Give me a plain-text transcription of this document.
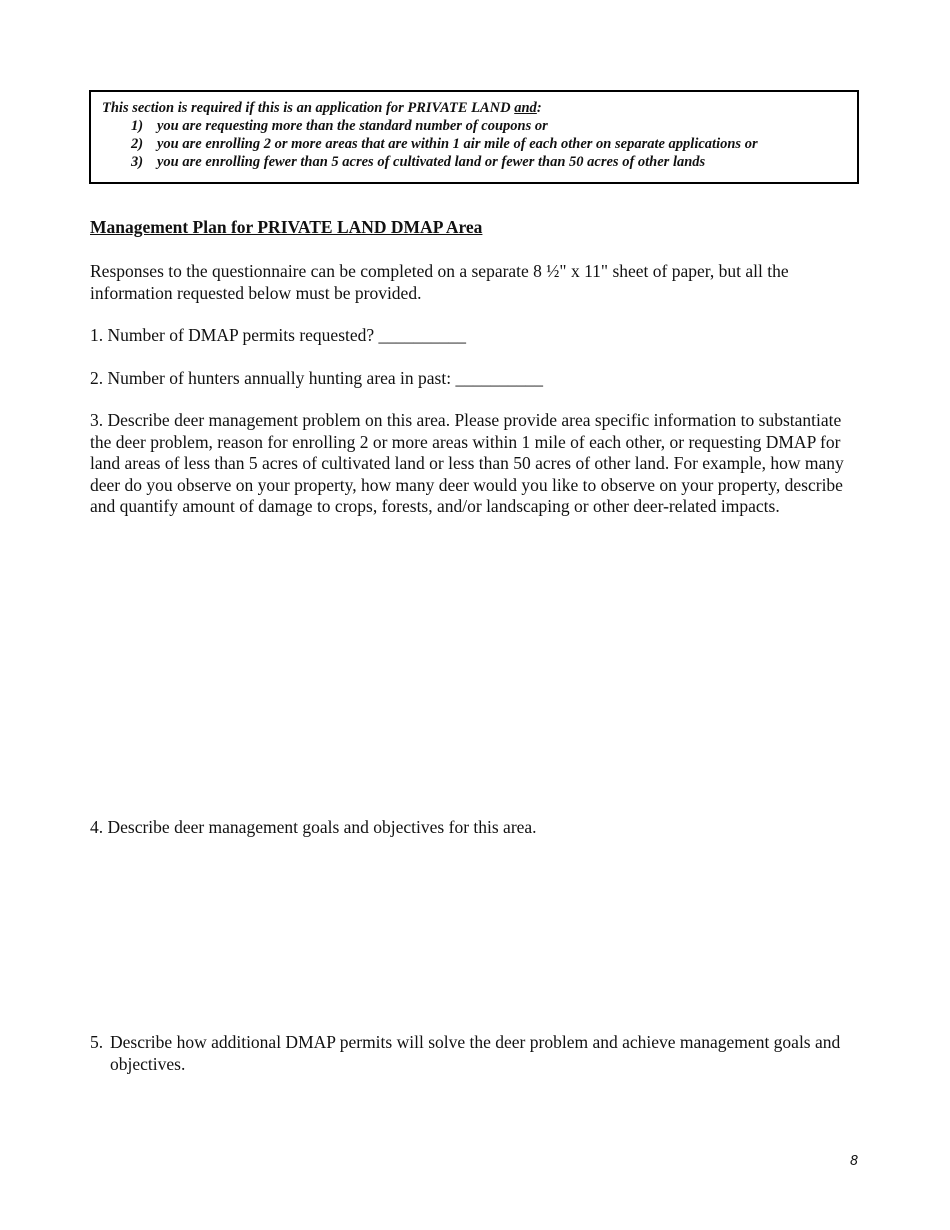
This section is required if this is an application for PRIVATE LAND and:
1) you are requesting more than the standard number of coupons or
2) you are enrolling 2 or more areas that are within 1 air mile of each other on separate applications or
3) you are enrolling fewer than 5 acres of cultivated land or fewer than 50 acres of other lands
Management Plan for PRIVATE LAND DMAP Area

Responses to the questionnaire can be completed on a separate 8 ½" x 11" sheet of paper, but all the information requested below must be provided.

1. Number of DMAP permits requested? __________

2. Number of hunters annually hunting area in past: __________

3. Describe deer management problem on this area. Please provide area specific information to substantiate the deer problem, reason for enrolling 2 or more areas within 1 mile of each other, or requesting DMAP for land areas of less than 5 acres of cultivated land or less than 50 acres of other land. For example, how many deer do you observe on your property, how many deer would you like to observe on your property, describe and quantify amount of damage to crops, forests, and/or landscaping or other deer-related impacts.

4. Describe deer management goals and objectives for this area.

5. Describe how additional DMAP permits will solve the deer problem and achieve management goals and objectives.
8
